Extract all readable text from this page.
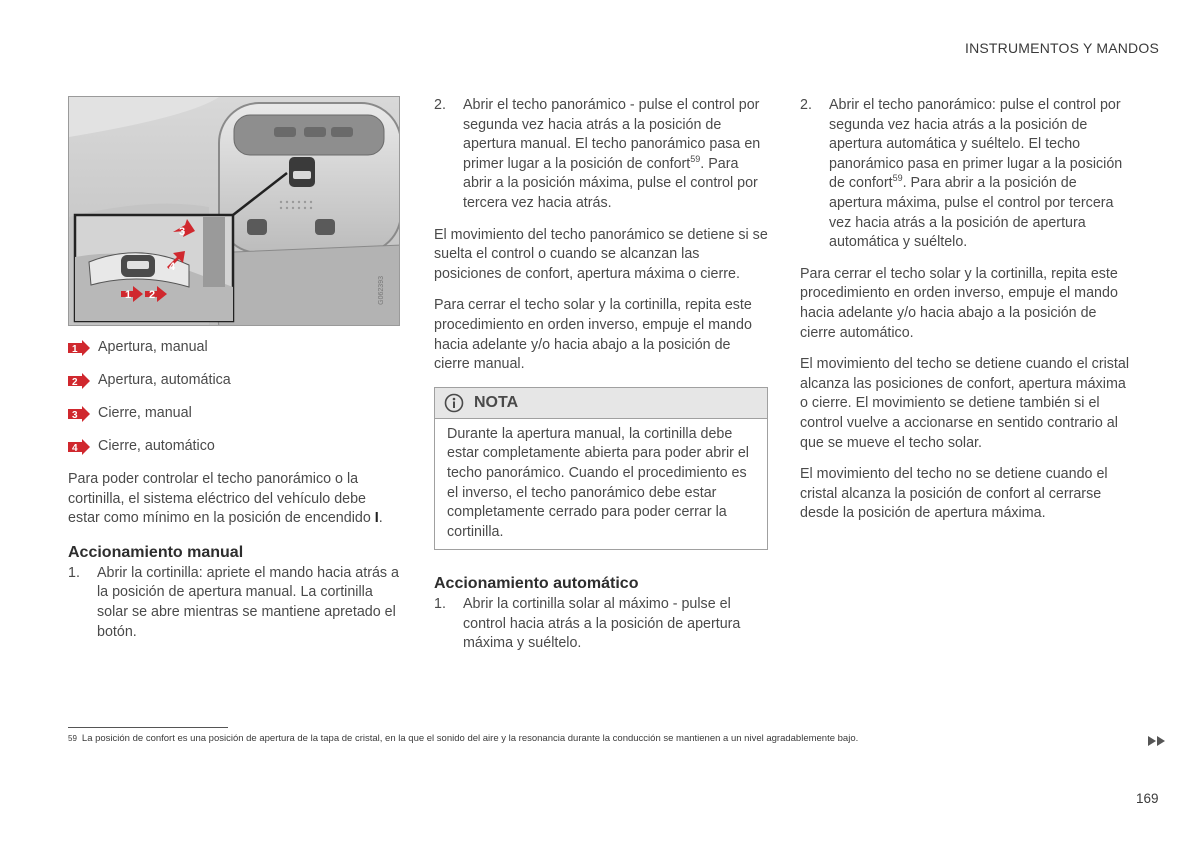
INSTRUMENTOS Y MANDOS
1 2
3
4
G062393
1 Apertura, manual
2 Apertura, automática
3 Cierre, manual
4 Cierre, automático

Para poder controlar el techo panorámico o la cortinilla, el sistema eléctrico del vehículo debe estar como mínimo en la posición de encendido I.

Accionamiento manual
1. Abrir la cortinilla: apriete el mando hacia atrás a la posición de apertura manual. La cortinilla solar se abre mientras se mantiene apretado el botón.
2. Abrir el techo panorámico - pulse el control por segunda vez hacia atrás a la posición de apertura manual. El techo panorámico pasa en primer lugar a la posición de confort$^{59}$. Para abrir a la posición máxima, pulse el control por tercera vez hacia atrás.

El movimiento del techo panorámico se detiene si se suelta el control o cuando se alcanzan las posiciones de confort, apertura máxima o cierre.

Para cerrar el techo solar y la cortinilla, repita este procedimiento en orden inverso, empuje el mando hacia adelante y/o hacia abajo a la posición de cierre manual.

NOTA
Durante la apertura manual, la cortinilla debe estar completamente abierta para poder abrir el techo panorámico. Cuando el procedimiento es el inverso, el techo panorámico debe estar completamente cerrado para poder cerrar la cortinilla.
Accionamiento automático
1. Abrir la cortinilla solar al máximo - pulse el control hacia atrás a la posición de apertura máxima y suéltelo.
2. Abrir el techo panorámico: pulse el control por segunda vez hacia atrás a la posición de apertura automática y suéltelo. El techo panorámico pasa en primer lugar a la posición de confort$^{59}$. Para abrir a la posición de apertura máxima, pulse el control por tercera vez hacia atrás a la posición de apertura automática y suéltelo.

Para cerrar el techo solar y la cortinilla, repita este procedimiento en orden inverso, empuje el mando hacia adelante y/o hacia abajo a la posición de cierre automático.

El movimiento del techo se detiene cuando el cristal alcanza las posiciones de confort, apertura máxima o cierre. El movimiento se detiene también si el control vuelve a accionarse en sentido contrario al que se mueve el techo solar.

El movimiento del techo no se detiene cuando el cristal alcanza la posición de confort al cerrarse desde la posición de apertura máxima.

$^{59}$ La posición de confort es una posición de apertura de la tapa de cristal, en la que el sonido del aire y la resonancia durante la conducción se mantienen a un nivel agradablemente bajo.
169
